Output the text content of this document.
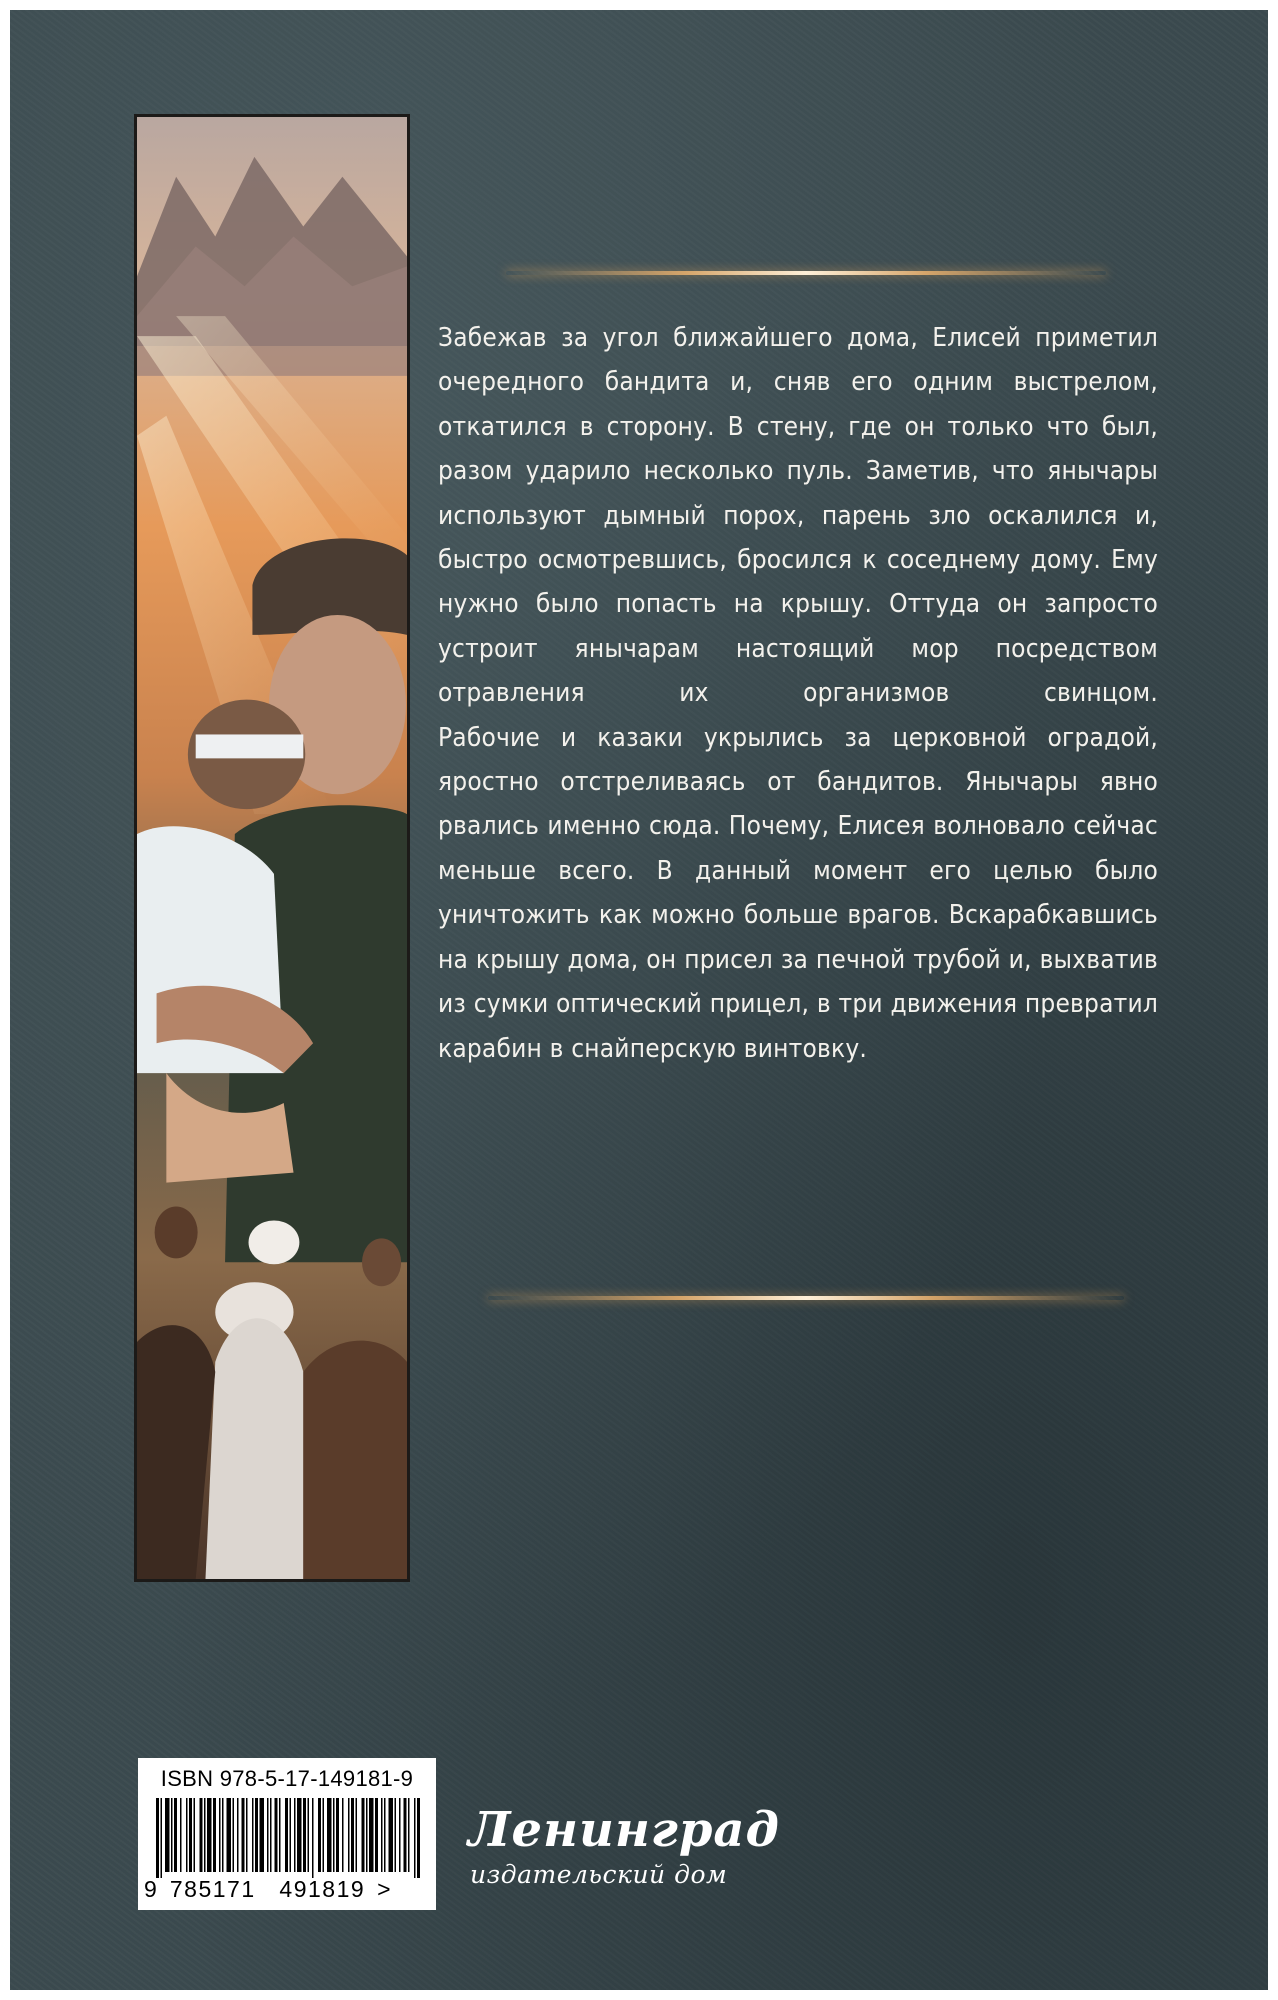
Забежав за угол ближайшего дома, Елисей приметил очередного бандита и, сняв его одним выстрелом, откатился в сторону. В стену, где он только что был, разом ударило несколько пуль. Заметив, что янычары используют дымный порох, парень зло оскалился и, быстро осмотревшись, бросился к соседнему дому. Ему нужно было попасть на крышу. Оттуда он запросто устроит янычарам настоящий мор посредством отравления их организмов свинцом.

Рабочие и казаки укрылись за церковной оградой, яростно отстреливаясь от бандитов. Янычары явно рвались именно сюда. Почему, Елисея волновало сейчас меньше всего. В данный момент его целью было уничтожить как можно больше врагов. Вскарабкавшись на крышу дома, он присел за печной трубой и, выхватив из сумки оптический прицел, в три движения превратил карабин в снайперскую винтовку.

ISBN 978-5-17-149181-9
9 785171 491819 >
Ленинград
издательский дом
